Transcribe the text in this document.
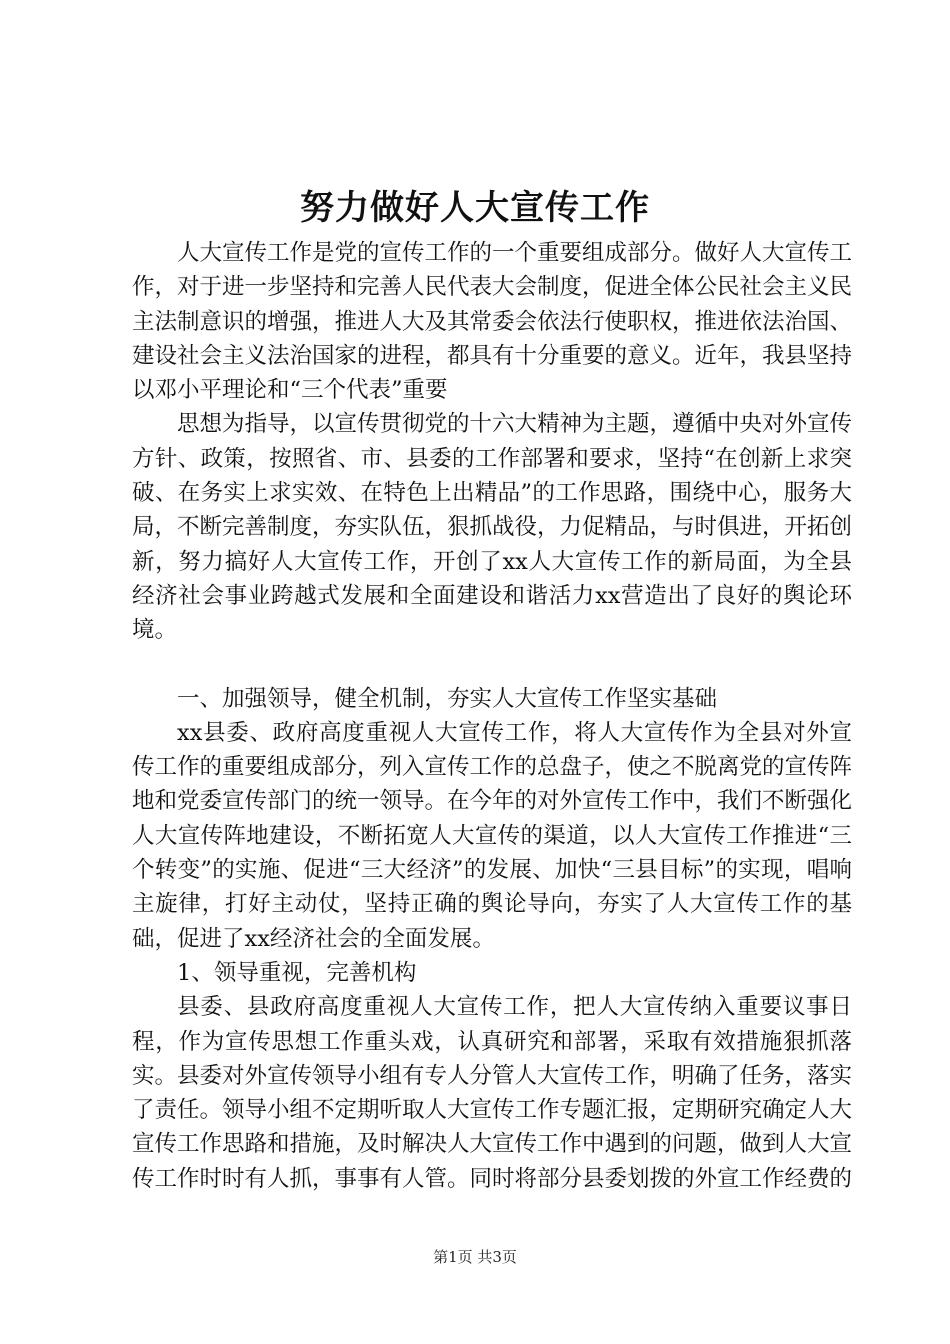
努力做好人大宣传工作

人大宣传工作是党的宣传工作的一个重要组成部分。做好人大宣传工作，对于进一步坚持和完善人民代表大会制度，促进全体公民社会主义民主法制意识的增强，推进人大及其常委会依法行使职权，推进依法治国、建设社会主义法治国家的进程，都具有十分重要的意义。近年，我县坚持以邓小平理论和“三个代表”重要

思想为指导，以宣传贯彻党的十六大精神为主题，遵循中央对外宣传方针、政策，按照省、市、县委的工作部署和要求，坚持“在创新上求突破、在务实上求实效、在特色上出精品”的工作思路，围绕中心，服务大局，不断完善制度，夯实队伍，狠抓战役，力促精品，与时俱进，开拓创新，努力搞好人大宣传工作，开创了xx人大宣传工作的新局面，为全县经济社会事业跨越式发展和全面建设和谐活力xx营造出了良好的舆论环境。

一、加强领导，健全机制，夯实人大宣传工作坚实基础

xx县委、政府高度重视人大宣传工作，将人大宣传作为全县对外宣传工作的重要组成部分，列入宣传工作的总盘子，使之不脱离党的宣传阵地和党委宣传部门的统一领导。在今年的对外宣传工作中，我们不断强化人大宣传阵地建设，不断拓宽人大宣传的渠道，以人大宣传工作推进“三个转变”的实施、促进“三大经济”的发展、加快“三县目标”的实现，唱响主旋律，打好主动仗，坚持正确的舆论导向，夯实了人大宣传工作的基础，促进了xx经济社会的全面发展。

1、领导重视，完善机构

县委、县政府高度重视人大宣传工作，把人大宣传纳入重要议事日程，作为宣传思想工作重头戏，认真研究和部署，采取有效措施狠抓落实。县委对外宣传领导小组有专人分管人大宣传工作，明确了任务，落实了责任。领导小组不定期听取人大宣传工作专题汇报，定期研究确定人大宣传工作思路和措施，及时解决人大宣传工作中遇到的问题，做到人大宣传工作时时有人抓，事事有人管。同时将部分县委划拨的外宣工作经费的

第1页 共3页
